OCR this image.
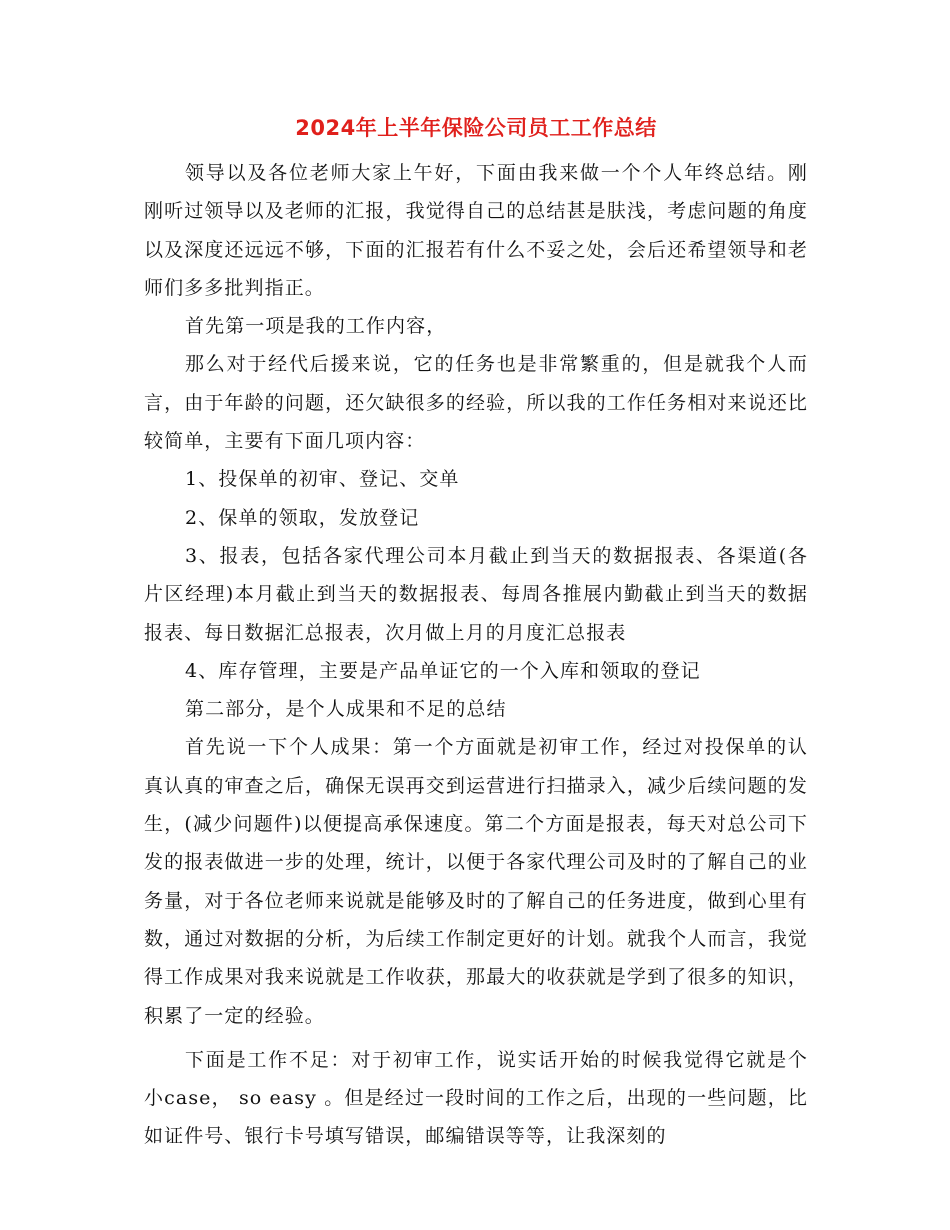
2024年上半年保险公司员工工作总结

领导以及各位老师大家上午好，下面由我来做一个个人年终总结。刚刚听过领导以及老师的汇报，我觉得自己的总结甚是肤浅，考虑问题的角度以及深度还远远不够，下面的汇报若有什么不妥之处，会后还希望领导和老师们多多批判指正。

首先第一项是我的工作内容，

那么对于经代后援来说，它的任务也是非常繁重的，但是就我个人而言，由于年龄的问题，还欠缺很多的经验，所以我的工作任务相对来说还比较简单，主要有下面几项内容：

1、投保单的初审、登记、交单

2、保单的领取，发放登记

3、报表，包括各家代理公司本月截止到当天的数据报表、各渠道(各片区经理)本月截止到当天的数据报表、每周各推展内勤截止到当天的数据报表、每日数据汇总报表，次月做上月的月度汇总报表

4、库存管理，主要是产品单证它的一个入库和领取的登记

第二部分，是个人成果和不足的总结

首先说一下个人成果：第一个方面就是初审工作，经过对投保单的认真认真的审查之后，确保无误再交到运营进行扫描录入，减少后续问题的发生，(减少问题件)以便提高承保速度。第二个方面是报表，每天对总公司下发的报表做进一步的处理，统计，以便于各家代理公司及时的了解自己的业务量，对于各位老师来说就是能够及时的了解自己的任务进度，做到心里有数，通过对数据的分析，为后续工作制定更好的计划。就我个人而言，我觉得工作成果对我来说就是工作收获，那最大的收获就是学到了很多的知识，积累了一定的经验。

下面是工作不足：对于初审工作，说实话开始的时候我觉得它就是个小case， so easy 。但是经过一段时间的工作之后，出现的一些问题，比如证件号、银行卡号填写错误，邮编错误等等，让我深刻的
